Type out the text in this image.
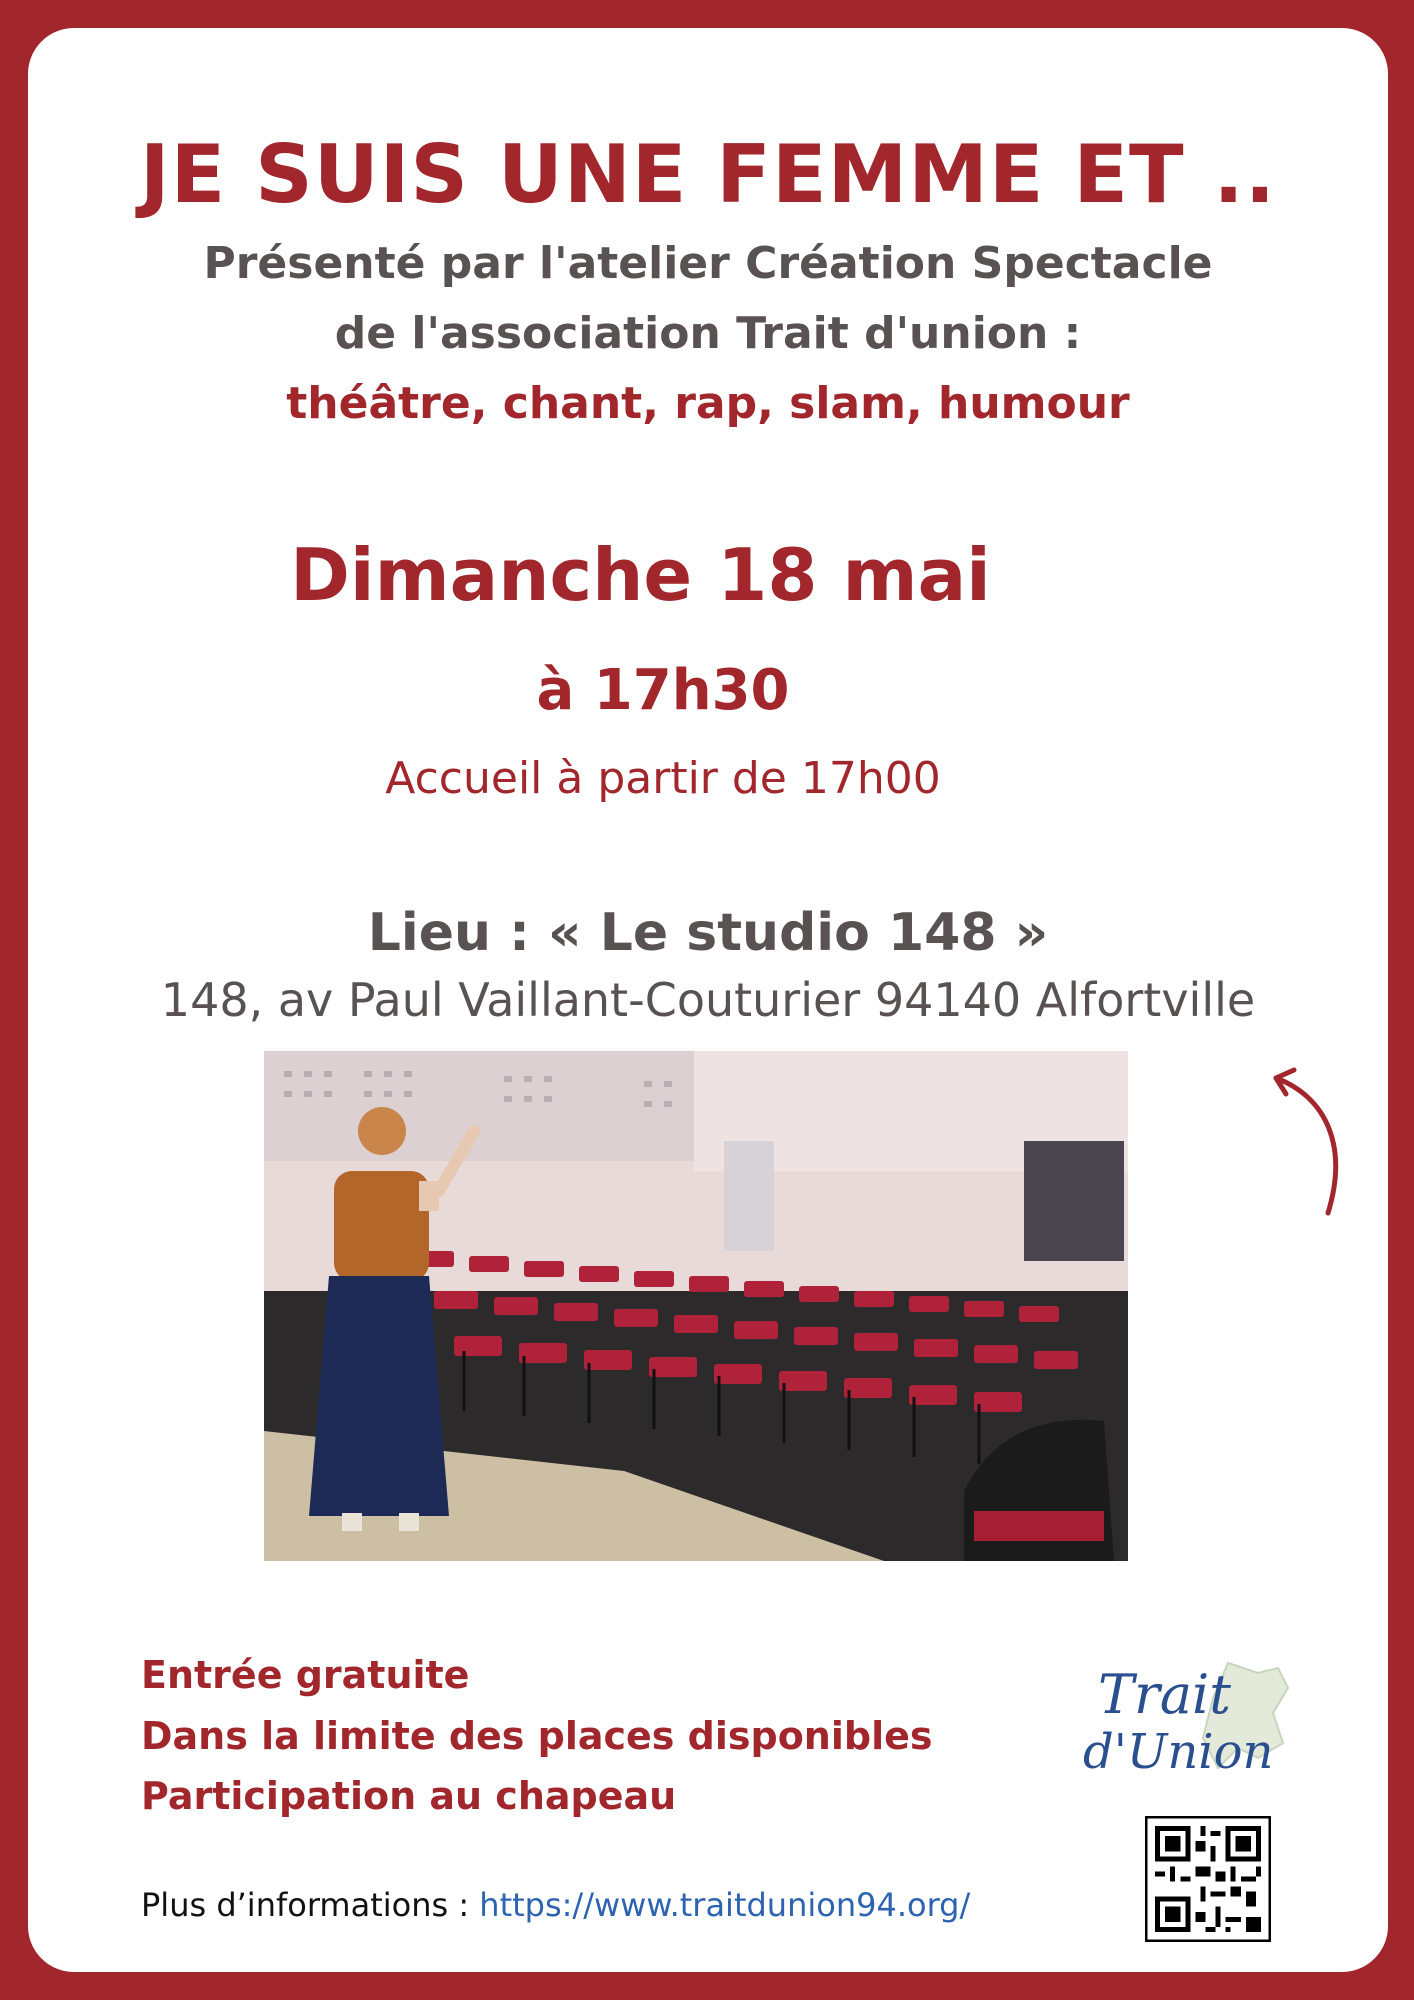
JE SUIS UNE FEMME ET ..
Présenté par l'atelier Création Spectacle
de l'association Trait d'union :
théâtre, chant, rap, slam, humour
Dimanche 18 mai
à 17h30
Accueil à partir de 17h00
Lieu : « Le studio 148 »
148, av Paul Vaillant-Couturier 94140 Alfortville
Entrée gratuite
Dans la limite des places disponibles
Participation au chapeau
Plus d’informations : https://www.traitdunion94.org/
Trait
d'Union
